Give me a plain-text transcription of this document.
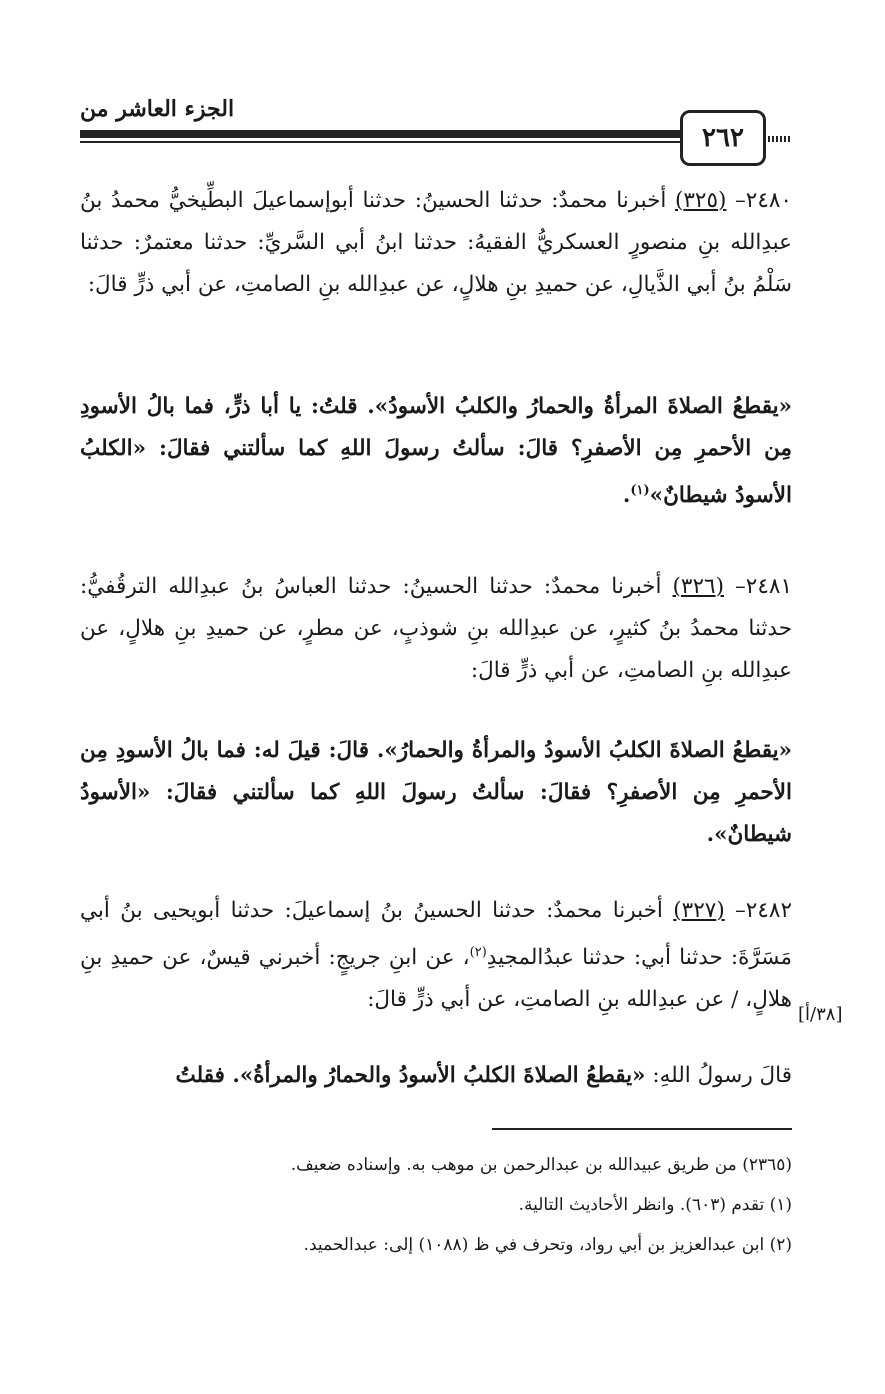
الجزء العاشر من
٢٦٢

٢٤٨٠– (٣٢٥) أخبرنا محمدٌ: حدثنا الحسينُ: حدثنا أبوإسماعيلَ البطِّيخيُّ محمدُ بنُ عبدِالله بنِ منصورٍ العسكريُّ الفقيهُ: حدثنا ابنُ أبي السَّريِّ: حدثنا معتمرٌ: حدثنا سَلْمُ بنُ أبي الذَّيالِ، عن حميدِ بنِ هلالٍ، عن عبدِالله بنِ الصامتِ، عن أبي ذرٍّ قالَ:

«يقطعُ الصلاةَ المرأةُ والحمارُ والكلبُ الأسودُ». قلتُ: يا أبا ذرٍّ، فما بالُ الأسودِ مِن الأحمرِ مِن الأصفرِ؟ قالَ: سألتُ رسولَ اللهِ كما سألتني فقالَ: «الكلبُ الأسودُ شيطانٌ»$^{(١)}$.

٢٤٨١– (٣٢٦) أخبرنا محمدٌ: حدثنا الحسينُ: حدثنا العباسُ بنُ عبدِالله الترقُفيُّ: حدثنا محمدُ بنُ كثيرٍ، عن عبدِالله بنِ شوذبٍ، عن مطرٍ، عن حميدِ بنِ هلالٍ، عن عبدِالله بنِ الصامتِ، عن أبي ذرٍّ قالَ:

«يقطعُ الصلاةَ الكلبُ الأسودُ والمرأةُ والحمارُ». قالَ: قيلَ له: فما بالُ الأسودِ مِن الأحمرِ مِن الأصفرِ؟ فقالَ: سألتُ رسولَ اللهِ كما سألتني فقالَ: «الأسودُ شيطانٌ».

٢٤٨٢– (٣٢٧) أخبرنا محمدٌ: حدثنا الحسينُ بنُ إسماعيلَ: حدثنا أبويحيى بنُ أبي مَسَرَّةَ: حدثنا أبي: حدثنا عبدُالمجيدِ$^{(٢)}$، عن ابنِ جريجٍ: أخبرني قيسٌ، عن حميدِ بنِ هلالٍ، / عن عبدِالله بنِ الصامتِ، عن أبي ذرٍّ قالَ:

[٣٨/أ]

قالَ رسولُ اللهِ: «يقطعُ الصلاةَ الكلبُ الأسودُ والحمارُ والمرأةُ». فقلتُ

(٢٣٦٥) من طريق عبيدالله بن عبدالرحمن بن موهب به. وإسناده ضعيف.

(١) تقدم (٦٠٣). وانظر الأحاديث التالية.

(٢) ابن عبدالعزيز بن أبي رواد، وتحرف في ظ (١٠٨٨) إلى: عبدالحميد.
